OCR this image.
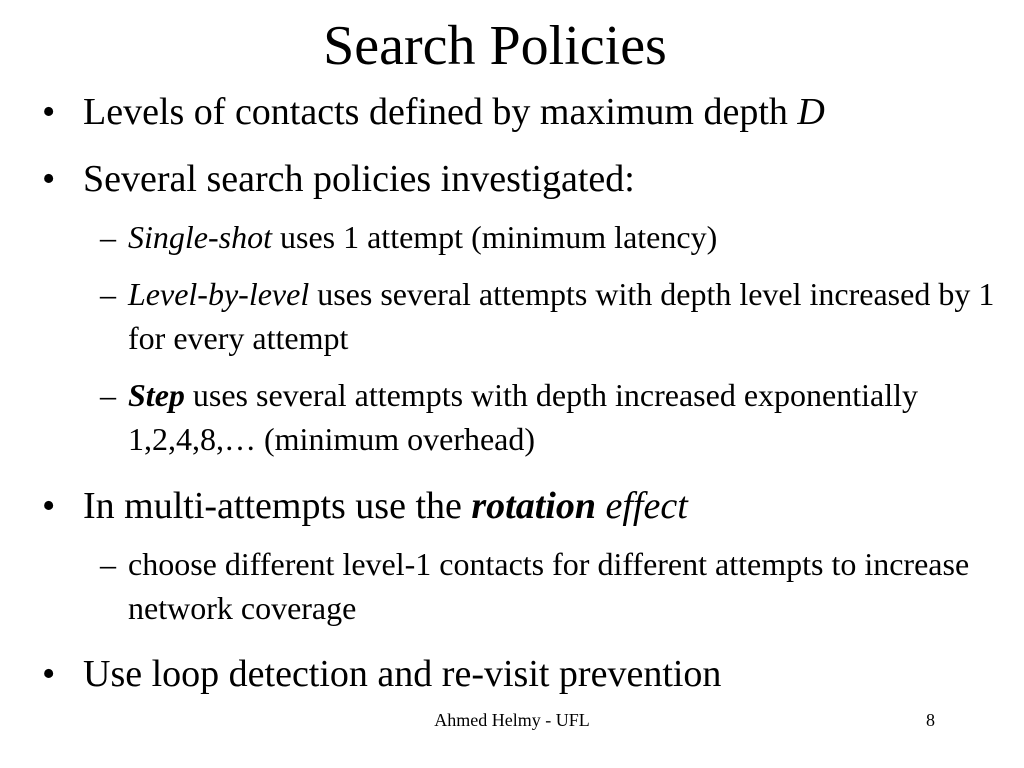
Search Policies

• Levels of contacts defined by maximum depth D

• Several search policies investigated:

– Single-shot uses 1 attempt (minimum latency)

– Level-by-level uses several attempts with depth level increased by 1 for every attempt

– Step uses several attempts with depth increased exponentially 1,2,4,8,… (minimum overhead)

• In multi-attempts use the rotation effect

– choose different level-1 contacts for different attempts to increase network coverage

• Use loop detection and re-visit prevention

Ahmed Helmy - UFL	8
